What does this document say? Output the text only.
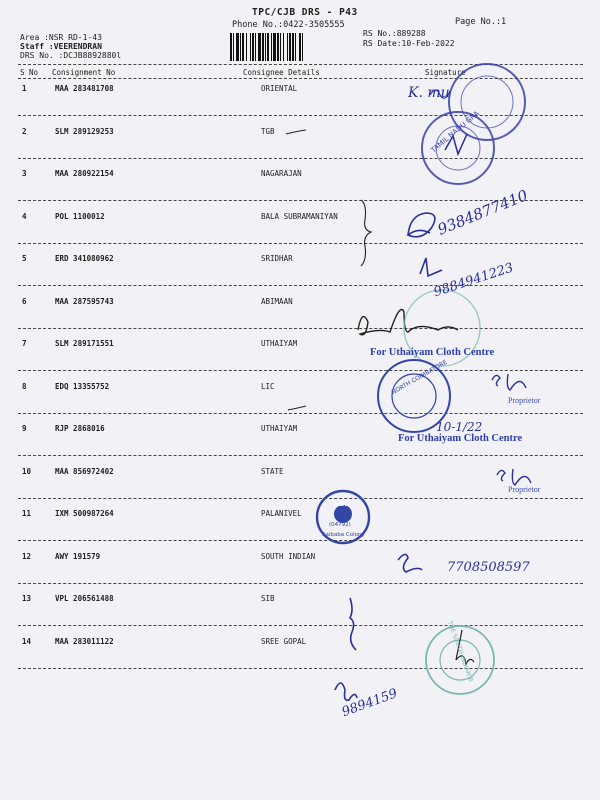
TPC/CJB DRS - P43
Phone No.:0422-3505555	Page No.:1
Area :NSR RD-1-43
Staff :VEERENDRAN
DRS No. :DCJB8892880l
RS No.:889288
RS Date:10-Feb-2022
S No Consignment No	Consignee Details	Signature
1	MAA 283481708	ORIENTAL
2	SLM 289129253	TGB
3	MAA 280922154	NAGARAJAN
4	POL 1100012	BALA SUBRAMANIYAN
5	ERD 341080962	SRIDHAR
6	MAA 287595743	ABIMAAN
7	SLM 289171551	UTHAIYAM
8	EDQ 13355752	LIC
9	RJP 2868016	UTHAIYAM
10	MAA 856972402	STATE
11	IXM 500987264	PALANIVEL
12	AWY 191579	SOUTH INDIAN
13	VPL 206561488	SIB
14	MAA 283011122	SREE GOPAL
K. mu
9384877410
9884941223
10-1/22
7708508597
9894159
TAMIL NADU GRA
NORTH COIMBATORE
SBI
(04792)
Saibaba Colony
THE SOUTH INDIAN B
For Uthaiyam Cloth Centre
Proprietor
For Uthaiyam Cloth Centre
Proprietor
